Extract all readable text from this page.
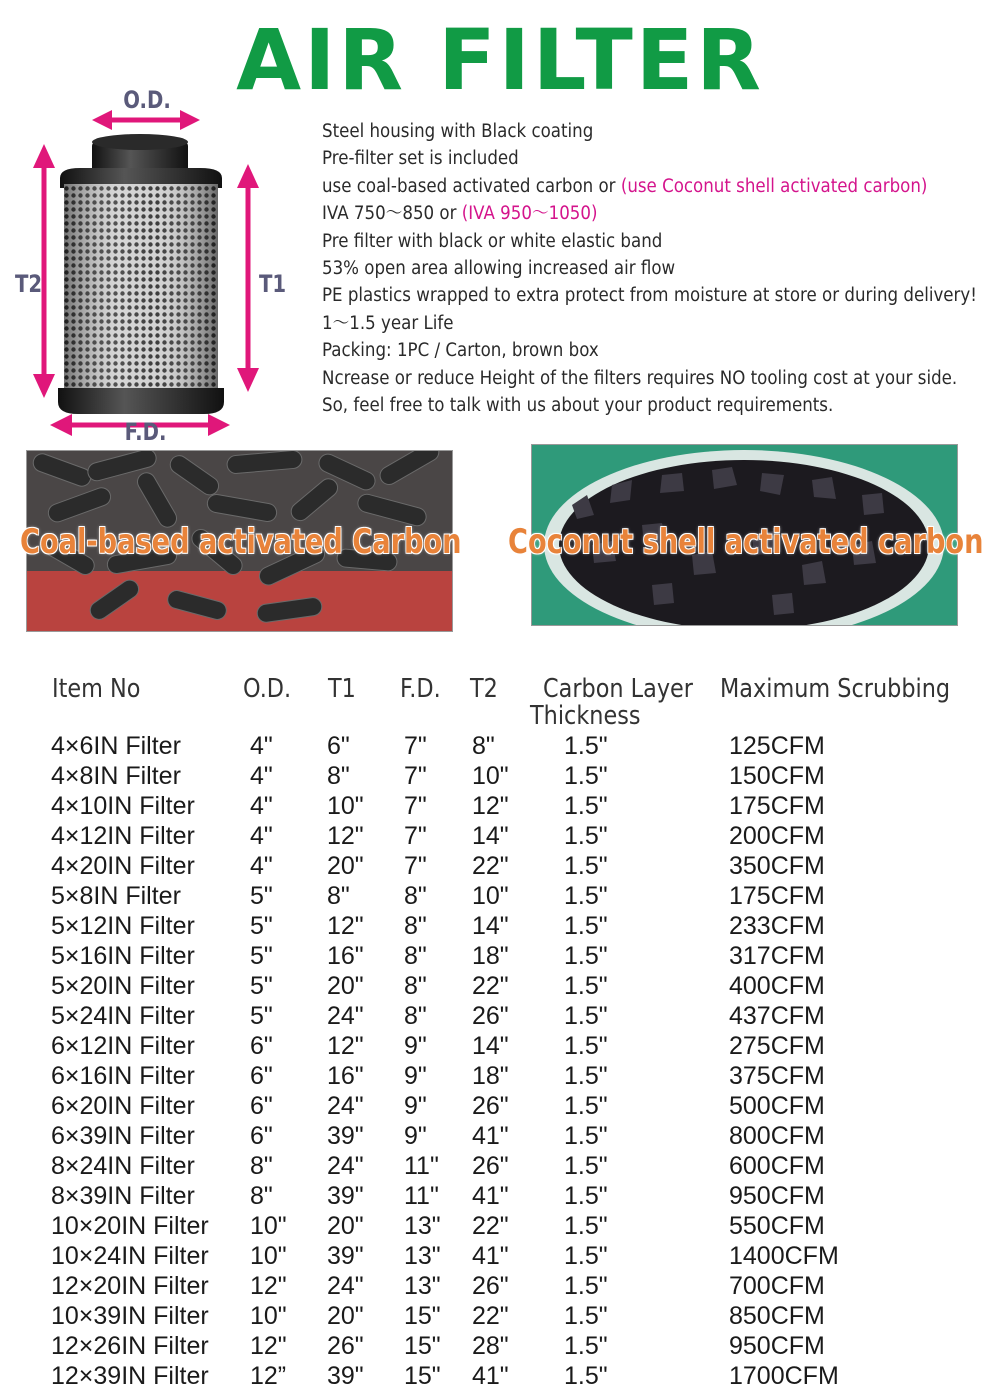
AIR FILTER
O.D.
F.D.
T2	T1
Steel housing with Black coating
Pre-filter set is included
use coal-based activated carbon or (use Coconut shell activated carbon)
IVA 750～850 or (IVA 950～1050)
Pre filter with black or white elastic band
53% open area allowing increased air flow
PE plastics wrapped to extra protect from moisture at store or during delivery!
1～1.5 year Life
Packing: 1PC / Carton, brown box
Ncrease or reduce Height of the filters requires NO tooling cost at your side.
So, feel free to talk with us about your product requirements.
Coal-based activated Carbon Coconut shell activated carbon
Item No	O.D. T1 F.D. T2 Carbon Layer
Thickness
Maximum Scrubbing
4×6IN Filter	4" 6" 7" 8"	1.5"	125CFM
4×8IN Filter	4" 8" 7" 10" 1.5"	150CFM
4×10IN Filter 4" 10" 7" 12" 1.5"	175CFM
4×12IN Filter 4" 12" 7" 14" 1.5"	200CFM
4×20IN Filter 4" 20" 7" 22" 1.5"	350CFM
5×8IN Filter	5" 8" 8" 10" 1.5"	175CFM
5×12IN Filter 5" 12" 8" 14" 1.5"	233CFM
5×16IN Filter 5" 16" 8" 18" 1.5"	317CFM
5×20IN Filter 5" 20" 8" 22" 1.5"	400CFM
5×24IN Filter 5" 24" 8" 26" 1.5"	437CFM
6×12IN Filter 6" 12" 9" 14" 1.5"	275CFM
6×16IN Filter 6" 16" 9" 18" 1.5"	375CFM
6×20IN Filter 6" 24" 9" 26" 1.5"	500CFM
6×39IN Filter 6" 39" 9" 41" 1.5"	800CFM
8×24IN Filter 8" 24" 11" 26" 1.5"	600CFM
8×39IN Filter 8" 39" 11" 41" 1.5"	950CFM
10×20IN Filter 10" 20" 13" 22" 1.5"	550CFM
10×24IN Filter 10" 39" 13" 41" 1.5"	1400CFM
12×20IN Filter 12" 24" 13" 26" 1.5"	700CFM
10×39IN Filter 10" 20" 15" 22" 1.5"	850CFM
12×26IN Filter 12" 26" 15" 28" 1.5"	950CFM
12×39IN Filter 12” 39" 15" 41" 1.5"	1700CFM
